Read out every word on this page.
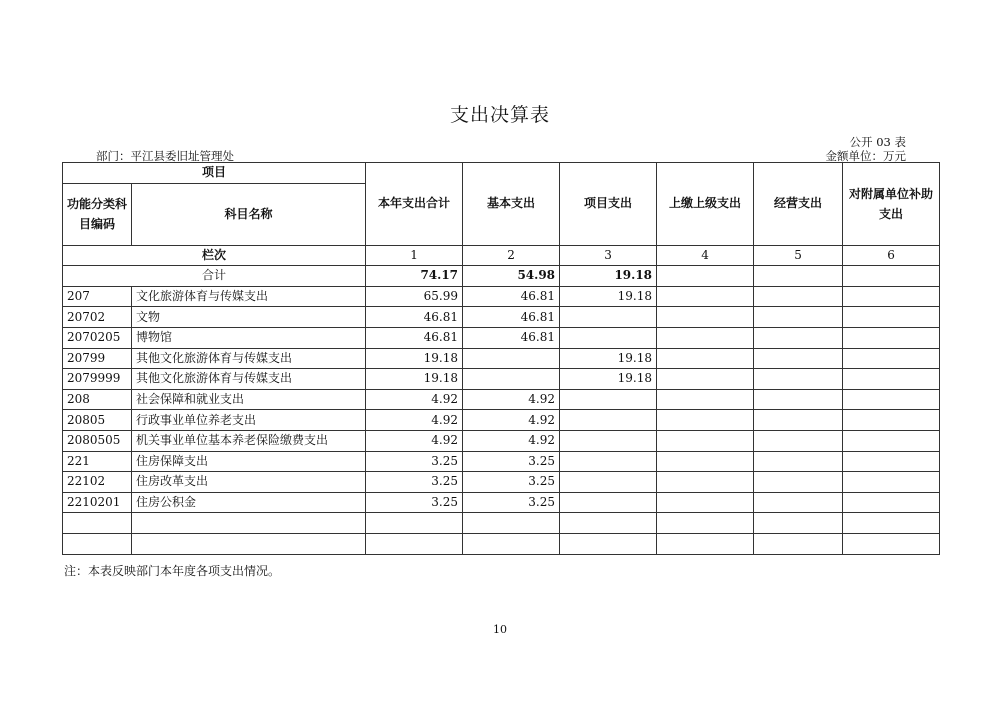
支出决算表
公开 03 表
部门：平江县委旧址管理处	金额单位：万元
项目		本年支出合计	基本支出	项目支出	上缴上级支出	经营支出	对附属单位补助支出
功能分类科目编码	科目名称						
栏次		1	2	3	4	5	6
合计		74.17	54.98	19.18			
207	文化旅游体育与传媒支出	65.99	46.81	19.18			
20702	文物	46.81	46.81				
2070205	博物馆	46.81	46.81				
20799	其他文化旅游体育与传媒支出	19.18		19.18			
2079999	其他文化旅游体育与传媒支出	19.18		19.18			
208	社会保障和就业支出	4.92	4.92				
20805	行政事业单位养老支出	4.92	4.92				
2080505	机关事业单位基本养老保险缴费支出	4.92	4.92				
221	住房保障支出	3.25	3.25				
22102	住房改革支出	3.25	3.25				
2210201	住房公积金	3.25	3.25				

注：本表反映部门本年度各项支出情况。
10
